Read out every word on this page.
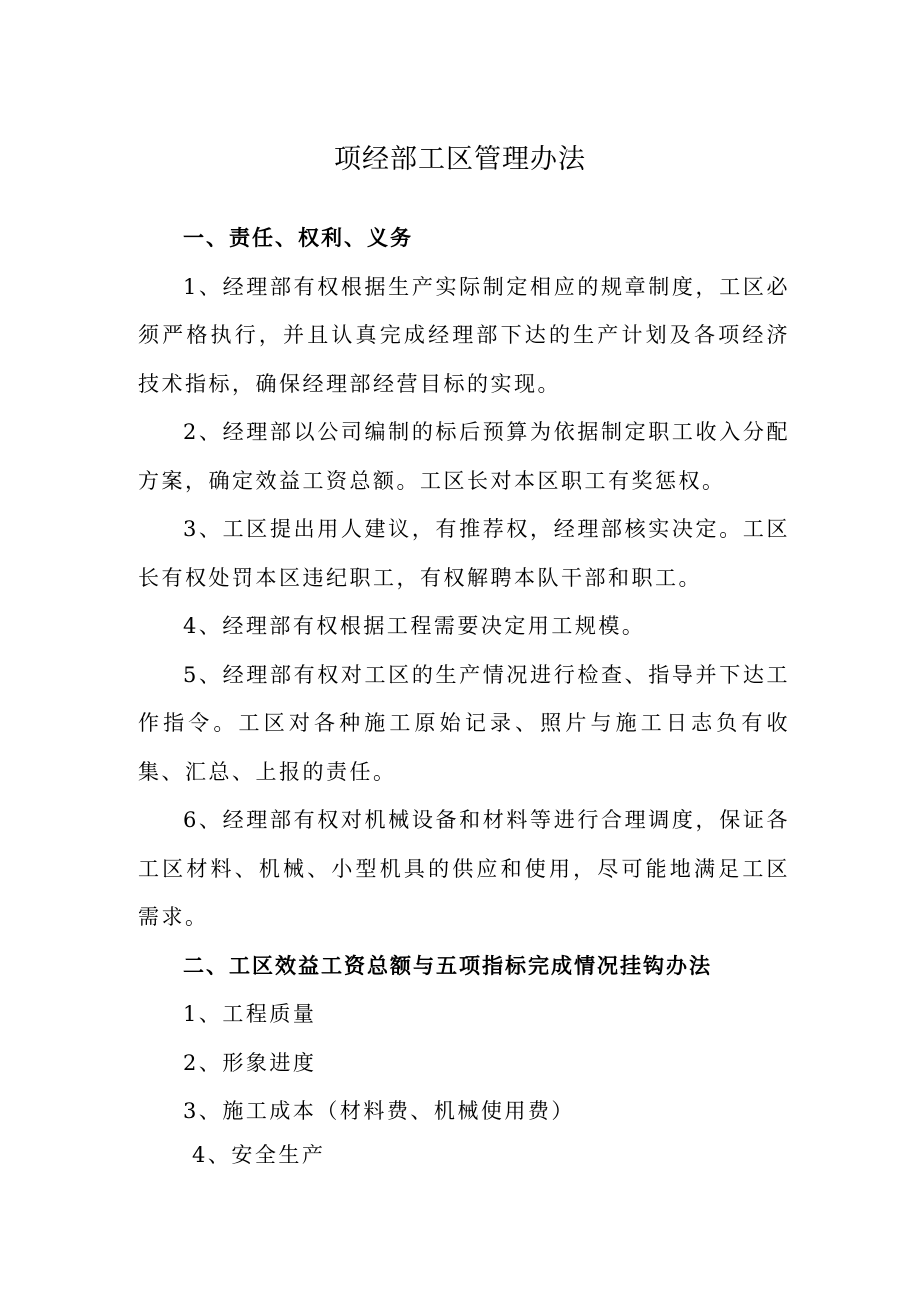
项经部工区管理办法

一、责任、权利、义务

1、经理部有权根据生产实际制定相应的规章制度，工区必须严格执行，并且认真完成经理部下达的生产计划及各项经济技术指标，确保经理部经营目标的实现。

2、经理部以公司编制的标后预算为依据制定职工收入分配方案，确定效益工资总额。工区长对本区职工有奖惩权。

3、工区提出用人建议，有推荐权，经理部核实决定。工区长有权处罚本区违纪职工，有权解聘本队干部和职工。

4、经理部有权根据工程需要决定用工规模。

5、经理部有权对工区的生产情况进行检查、指导并下达工作指令。工区对各种施工原始记录、照片与施工日志负有收集、汇总、上报的责任。

6、经理部有权对机械设备和材料等进行合理调度，保证各工区材料、机械、小型机具的供应和使用，尽可能地满足工区需求。

二、工区效益工资总额与五项指标完成情况挂钩办法

1、工程质量

2、形象进度

3、施工成本（材料费、机械使用费）

4、安全生产
